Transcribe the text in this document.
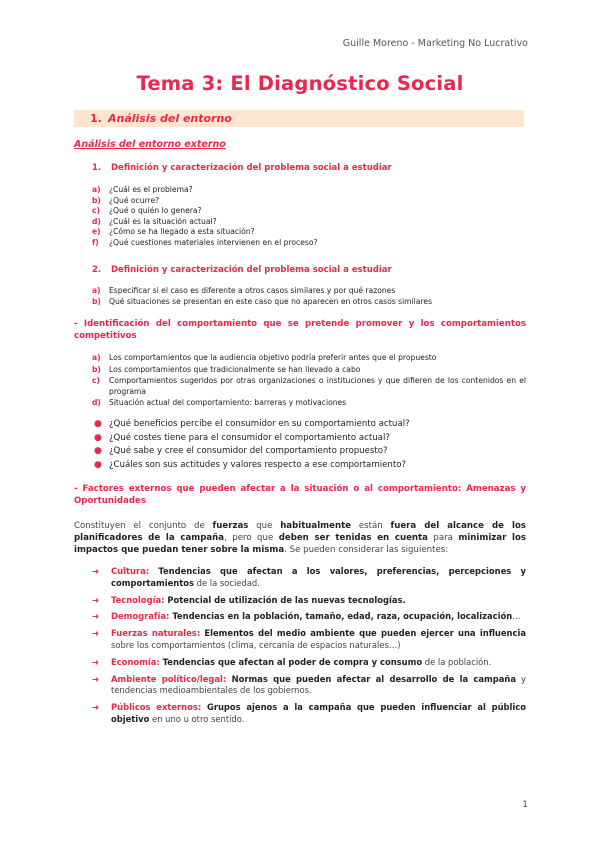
Guille Moreno - Marketing No Lucrativo
Tema 3: El Diagnóstico Social
1. Análisis del entorno
Análisis del entorno externo
1. Definición y caracterización del problema social a estudiar
a) ¿Cuál es el problema?
b) ¿Qué ocurre?
c) ¿Qué o quién lo genera?
d) ¿Cuál es la situación actual?
e) ¿Cómo se ha llegado a esta situación?
f) ¿Qué cuestiones materiales intervienen en el proceso?
2. Definición y caracterización del problema social a estudiar
a) Especificar si el caso es diferente a otros casos similares y por qué razones
b) Qué situaciones se presentan en este caso que no aparecen en otros casos similares
- Identificación del comportamiento que se pretende promover y los comportamientos competitivos
a) Los comportamientos que la audiencia objetivo podría preferir antes que el propuesto
b) Los comportamientos que tradicionalmente se han llevado a cabo
c) Comportamientos sugeridos por otras organizaciones o instituciones y que difieren de los contenidos en el programa
d) Situación actual del comportamiento: barreras y motivaciones
● ¿Qué beneficios percibe el consumidor en su comportamiento actual?
● ¿Qué costes tiene para el consumidor el comportamiento actual?
● ¿Qué sabe y cree el consumidor del comportamiento propuesto?
● ¿Cuáles son sus actitudes y valores respecto a ese comportamiento?
- Factores externos que pueden afectar a la situación o al comportamiento: Amenazas y Oportunidades
Constituyen el conjunto de fuerzas que habitualmente están fuera del alcance de los planificadores de la campaña, pero que deben ser tenidas en cuenta para minimizar los impactos que puedan tener sobre la misma. Se pueden considerar las siguientes:
➜ Cultura: Tendencias que afectan a los valores, preferencias, percepciones y comportamientos de la sociedad.
➜ Tecnología: Potencial de utilización de las nuevas tecnologías.
➜ Demografía: Tendencias en la población, tamaño, edad, raza, ocupación, localización…
➜ Fuerzas naturales: Elementos del medio ambiente que pueden ejercer una influencia sobre los comportamientos (clima, cercanía de espacios naturales…)
➜ Economía: Tendencias que afectan al poder de compra y consumo de la población.
➜ Ambiente político/legal: Normas que pueden afectar al desarrollo de la campaña y tendencias medioambientales de los gobiernos.
➜ Públicos externos: Grupos ajenos a la campaña que pueden influenciar al público objetivo en uno u otro sentido.
1
